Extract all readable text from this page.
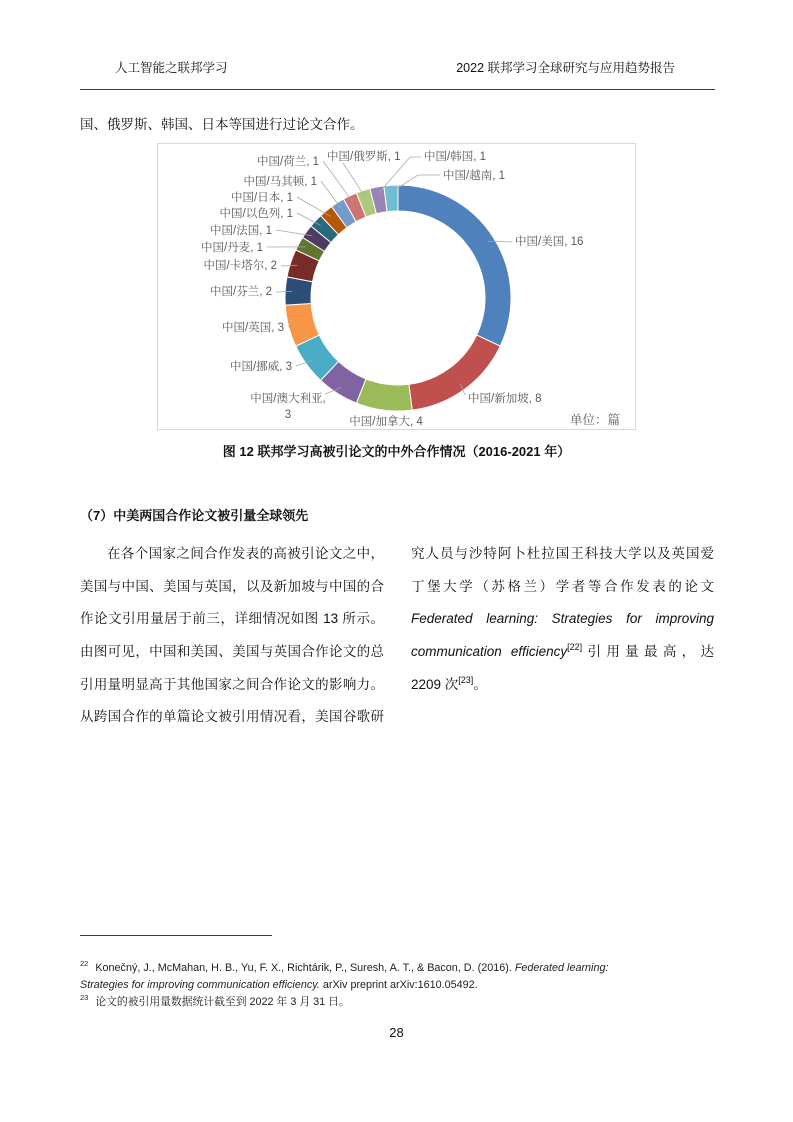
人工智能之联邦学习	2022 联邦学习全球研究与应用趋势报告
国、俄罗斯、韩国、日本等国进行过论文合作。
中国/美国, 16
中国/新加坡, 8
中国/加拿大, 4
中国/澳大利亚, 3
中国/挪威, 3
中国/英国, 3
中国/芬兰, 2
中国/卡塔尔, 2
中国/丹麦, 1
中国/法国, 1
中国/以色列, 1
中国/日本, 1
中国/马其顿, 1
中国/荷兰, 1 中国/俄罗斯, 1 中国/韩国, 1
中国/越南, 1
单位：篇
图 12 联邦学习高被引论文的中外合作情况（2016-2021 年）
（7）中美两国合作论文被引量全球领先
在各个国家之间合作发表的高被引论文之中，
美国与中国、美国与英国，以及新加坡与中国的合
作论文引用量居于前三，详细情况如图 13 所示。
由图可见，中国和美国、美国与英国合作论文的总
引用量明显高于其他国家之间合作论文的影响力。
从跨国合作的单篇论文被引用情况看，美国谷歌研
究人员与沙特阿卜杜拉国王科技大学以及英国爱
丁堡大学（苏格兰）学者等合作发表的论文
Federated learning: Strategies for improving
communication efficiency[22]引用量最高，达
2209 次[23]。
$^{22}$ Konečný, J., McMahan, H. B., Yu, F. X., Richtárik, P., Suresh, A. T., & Bacon, D. (2016). Federated learning:
Strategies for improving communication efficiency. arXiv preprint arXiv:1610.05492.
$^{23}$ 论文的被引用量数据统计截至到 2022 年 3 月 31 日。
28
